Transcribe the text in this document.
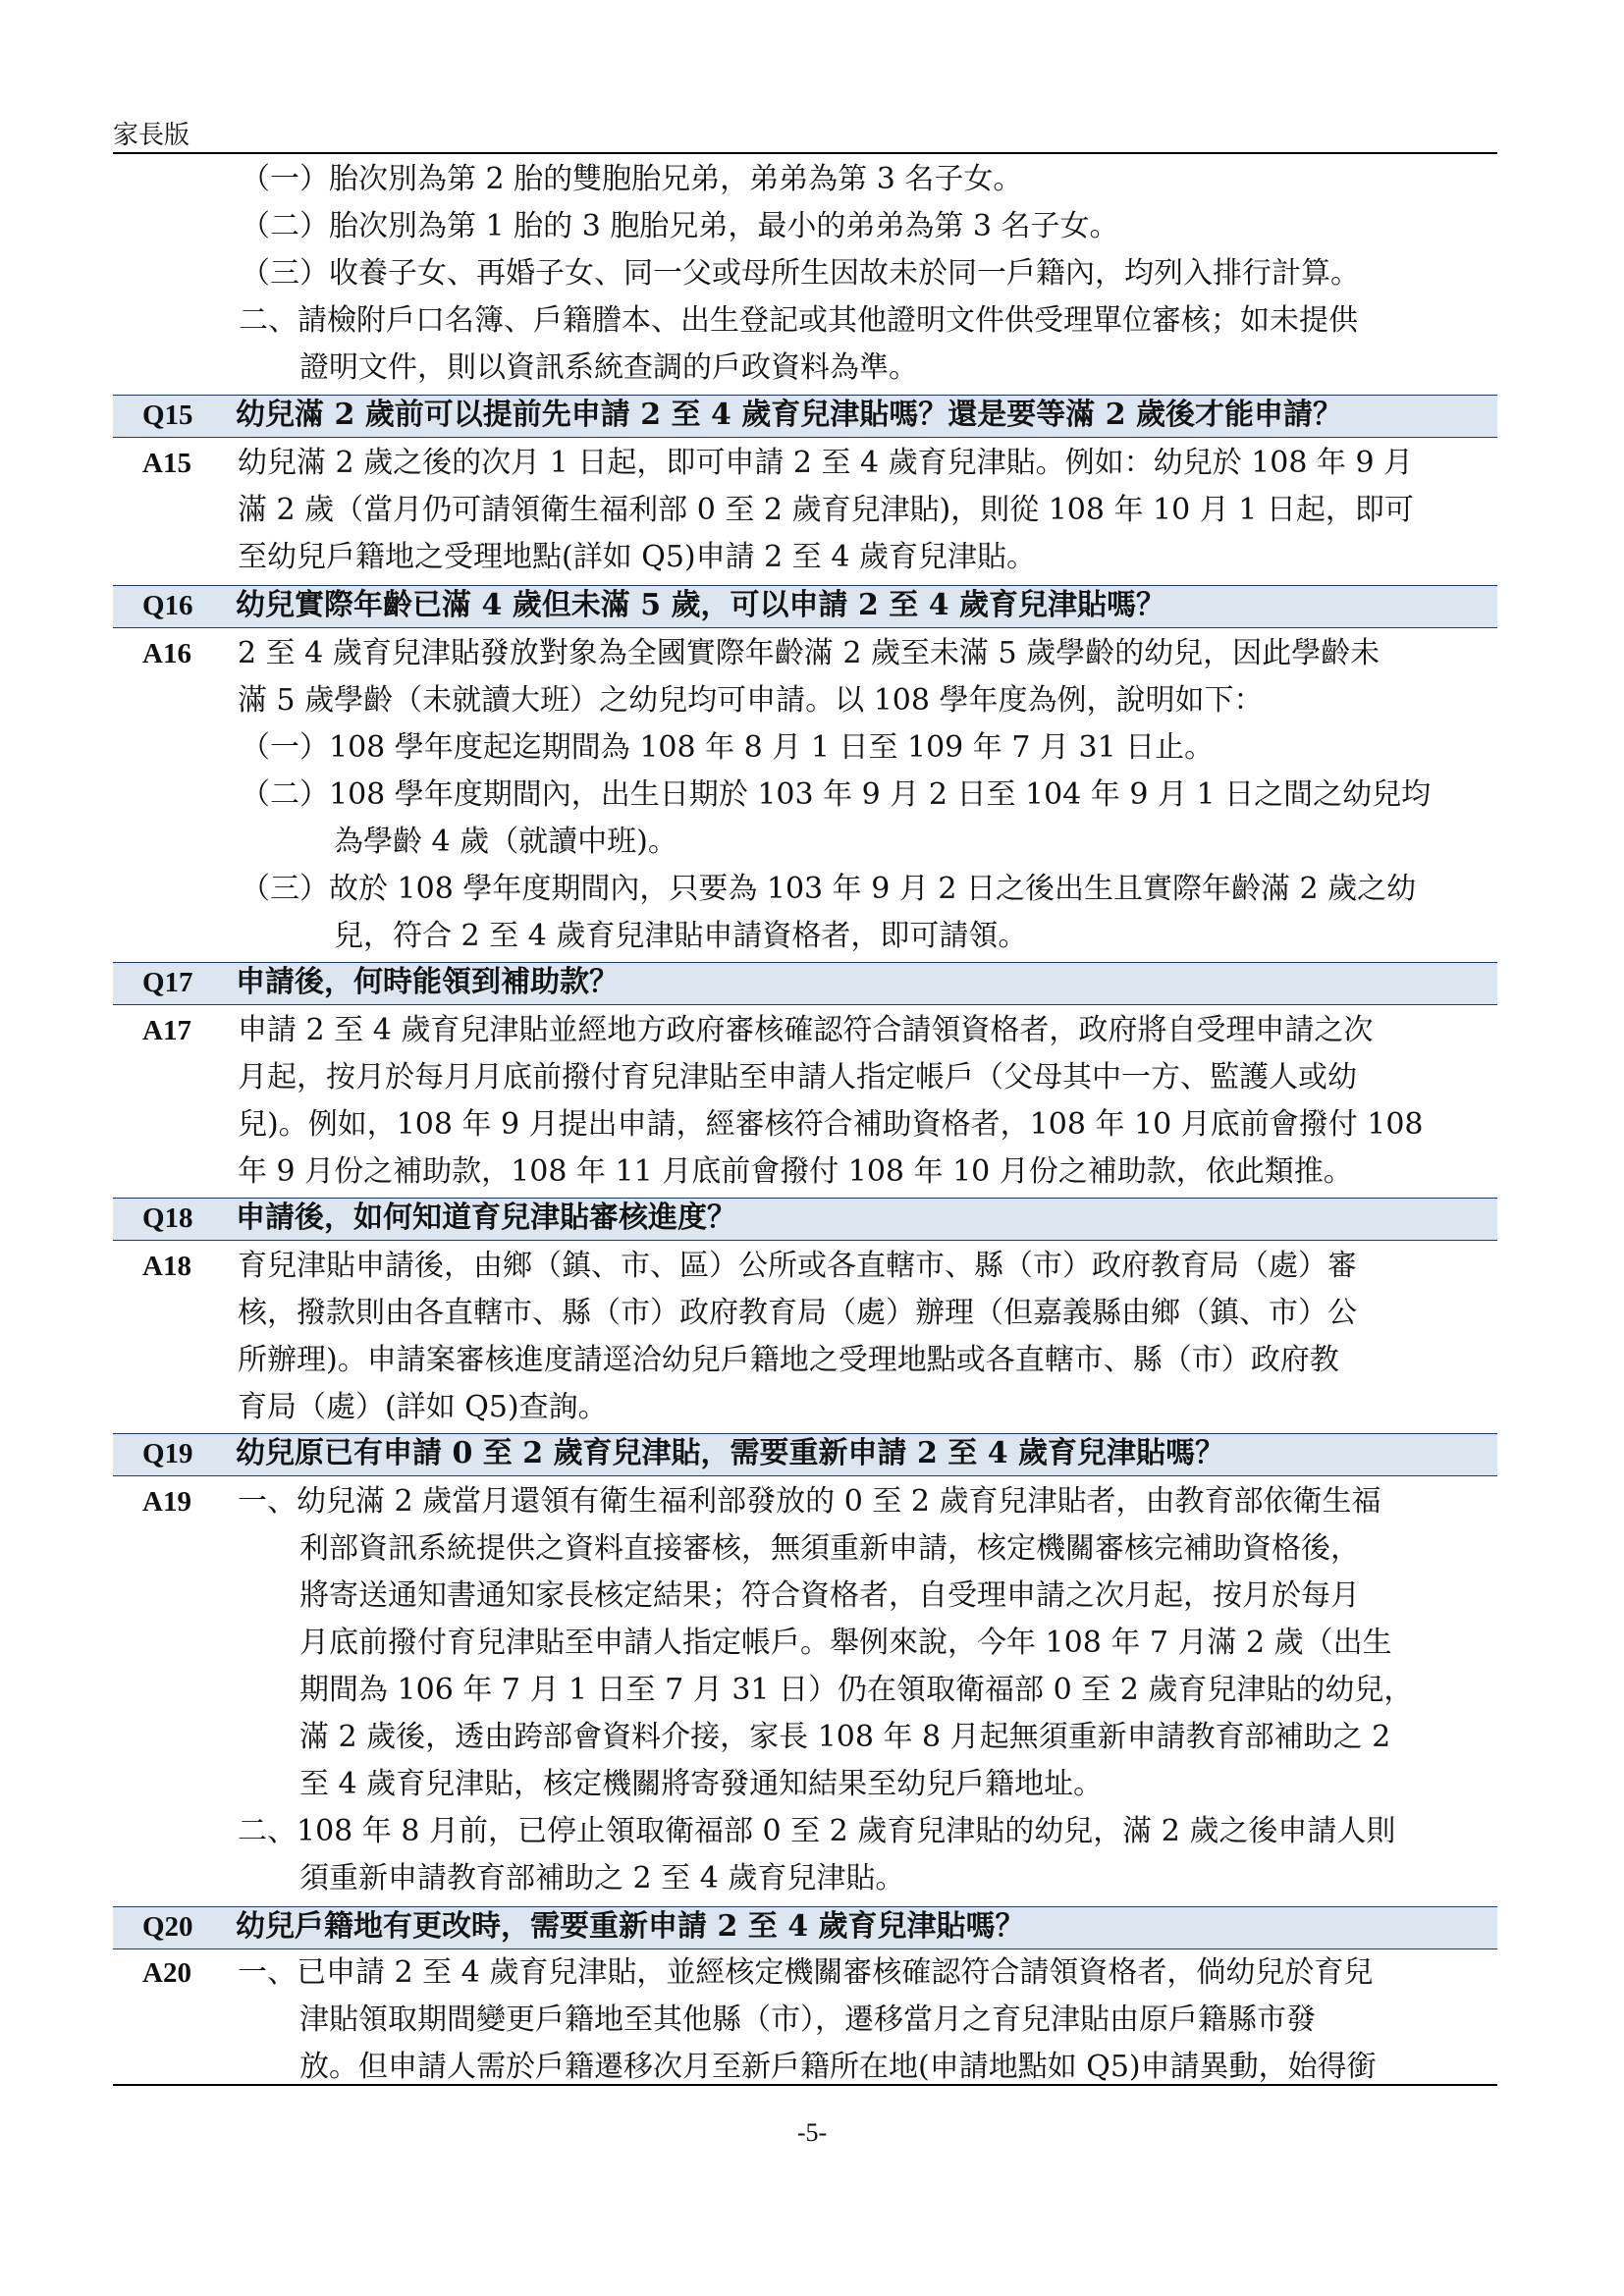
家長版
（一）胎次別為第 2 胎的雙胞胎兄弟，弟弟為第 3 名子女。
（二）胎次別為第 1 胎的 3 胞胎兄弟，最小的弟弟為第 3 名子女。
（三）收養子女、再婚子女、同一父或母所生因故未於同一戶籍內，均列入排行計算。
二、請檢附戶口名簿、戶籍謄本、出生登記或其他證明文件供受理單位審核；如未提供
證明文件，則以資訊系統查調的戶政資料為準。
Q15 幼兒滿 2 歲前可以提前先申請 2 至 4 歲育兒津貼嗎？還是要等滿 2 歲後才能申請？
A15 幼兒滿 2 歲之後的次月 1 日起，即可申請 2 至 4 歲育兒津貼。例如：幼兒於 108 年 9 月
滿 2 歲（當月仍可請領衛生福利部 0 至 2 歲育兒津貼)，則從 108 年 10 月 1 日起，即可
至幼兒戶籍地之受理地點(詳如 Q5)申請 2 至 4 歲育兒津貼。
Q16 幼兒實際年齡已滿 4 歲但未滿 5 歲，可以申請 2 至 4 歲育兒津貼嗎？
A16 2 至 4 歲育兒津貼發放對象為全國實際年齡滿 2 歲至未滿 5 歲學齡的幼兒，因此學齡未
滿 5 歲學齡（未就讀大班）之幼兒均可申請。以 108 學年度為例，說明如下：
（一）108 學年度起迄期間為 108 年 8 月 1 日至 109 年 7 月 31 日止。
（二）108 學年度期間內，出生日期於 103 年 9 月 2 日至 104 年 9 月 1 日之間之幼兒均
為學齡 4 歲（就讀中班)。
（三）故於 108 學年度期間內，只要為 103 年 9 月 2 日之後出生且實際年齡滿 2 歲之幼
兒，符合 2 至 4 歲育兒津貼申請資格者，即可請領。
Q17 申請後，何時能領到補助款？
A17 申請 2 至 4 歲育兒津貼並經地方政府審核確認符合請領資格者，政府將自受理申請之次
月起，按月於每月月底前撥付育兒津貼至申請人指定帳戶（父母其中一方、監護人或幼
兒)。例如，108 年 9 月提出申請，經審核符合補助資格者，108 年 10 月底前會撥付 108
年 9 月份之補助款，108 年 11 月底前會撥付 108 年 10 月份之補助款，依此類推。
Q18 申請後，如何知道育兒津貼審核進度？
A18 育兒津貼申請後，由鄉（鎮、市、區）公所或各直轄市、縣（市）政府教育局（處）審
核，撥款則由各直轄市、縣（市）政府教育局（處）辦理（但嘉義縣由鄉（鎮、市）公
所辦理)。申請案審核進度請逕洽幼兒戶籍地之受理地點或各直轄市、縣（市）政府教
育局（處）(詳如 Q5)查詢。
Q19 幼兒原已有申請 0 至 2 歲育兒津貼，需要重新申請 2 至 4 歲育兒津貼嗎？
A19 一、幼兒滿 2 歲當月還領有衛生福利部發放的 0 至 2 歲育兒津貼者，由教育部依衛生福
利部資訊系統提供之資料直接審核，無須重新申請，核定機關審核完補助資格後，
將寄送通知書通知家長核定結果；符合資格者，自受理申請之次月起，按月於每月
月底前撥付育兒津貼至申請人指定帳戶。舉例來說，今年 108 年 7 月滿 2 歲（出生
期間為 106 年 7 月 1 日至 7 月 31 日）仍在領取衛福部 0 至 2 歲育兒津貼的幼兒，
滿 2 歲後，透由跨部會資料介接，家長 108 年 8 月起無須重新申請教育部補助之 2
至 4 歲育兒津貼，核定機關將寄發通知結果至幼兒戶籍地址。
二、108 年 8 月前，已停止領取衛福部 0 至 2 歲育兒津貼的幼兒，滿 2 歲之後申請人則
須重新申請教育部補助之 2 至 4 歲育兒津貼。
Q20 幼兒戶籍地有更改時，需要重新申請 2 至 4 歲育兒津貼嗎？
A20 一、已申請 2 至 4 歲育兒津貼，並經核定機關審核確認符合請領資格者，倘幼兒於育兒
津貼領取期間變更戶籍地至其他縣（市），遷移當月之育兒津貼由原戶籍縣市發
放。但申請人需於戶籍遷移次月至新戶籍所在地(申請地點如 Q5)申請異動，始得銜
-5-
